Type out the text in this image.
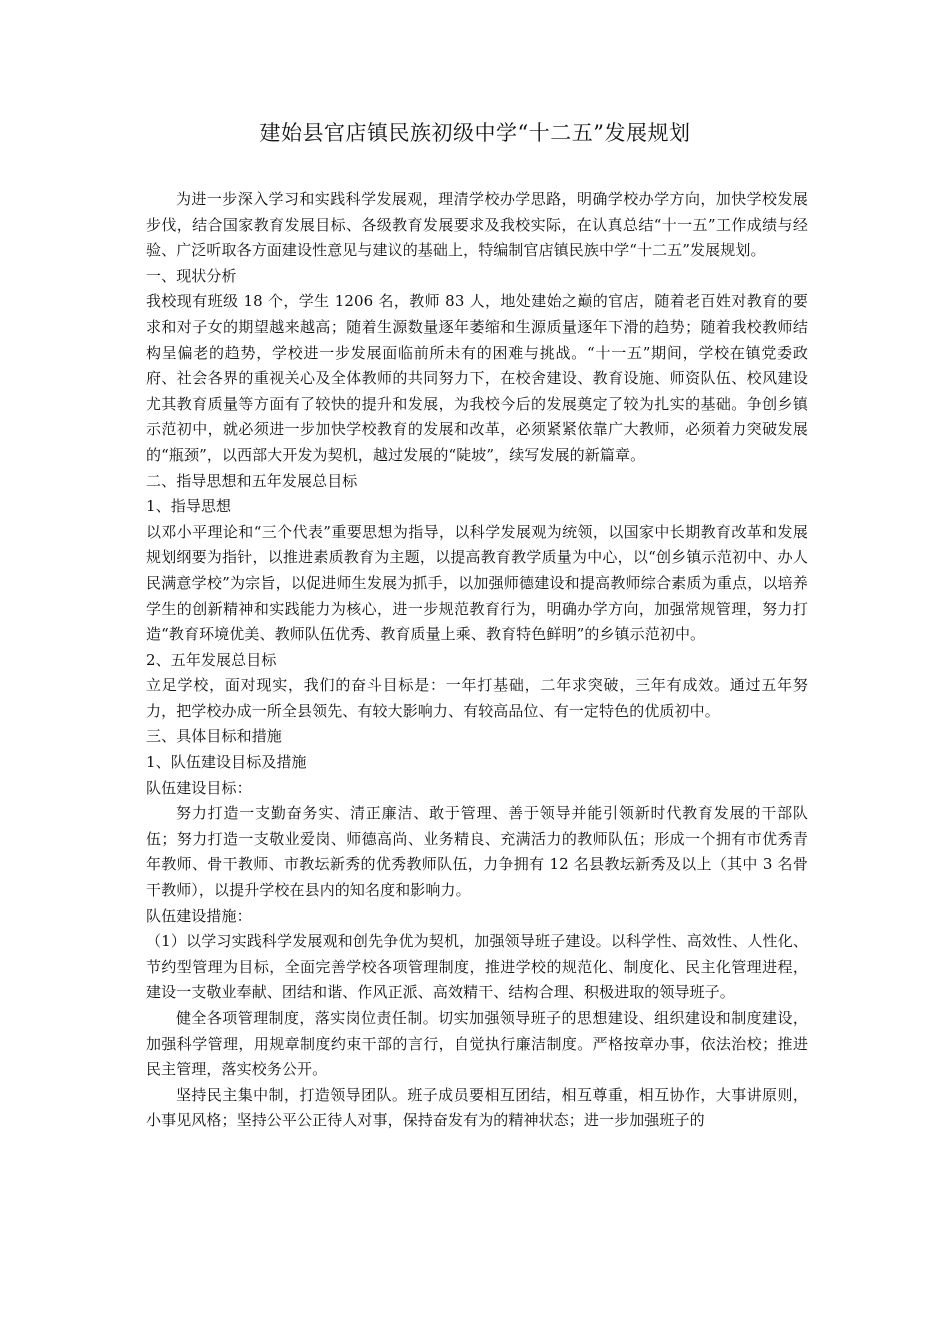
建始县官店镇民族初级中学“十二五”发展规划

为进一步深入学习和实践科学发展观，理清学校办学思路，明确学校办学方向，加快学校发展步伐，结合国家教育发展目标、各级教育发展要求及我校实际，在认真总结“十一五”工作成绩与经验、广泛听取各方面建设性意见与建议的基础上，特编制官店镇民族中学“十二五”发展规划。

一、现状分析

我校现有班级 18 个，学生 1206 名，教师 83 人，地处建始之巅的官店，随着老百姓对教育的要求和对子女的期望越来越高；随着生源数量逐年萎缩和生源质量逐年下滑的趋势；随着我校教师结构呈偏老的趋势，学校进一步发展面临前所未有的困难与挑战。“十一五”期间，学校在镇党委政府、社会各界的重视关心及全体教师的共同努力下，在校舍建设、教育设施、师资队伍、校风建设尤其教育质量等方面有了较快的提升和发展，为我校今后的发展奠定了较为扎实的基础。争创乡镇示范初中，就必须进一步加快学校教育的发展和改革，必须紧紧依靠广大教师，必须着力突破发展的“瓶颈”，以西部大开发为契机，越过发展的“陡坡”，续写发展的新篇章。

二、指导思想和五年发展总目标

1、指导思想

以邓小平理论和“三个代表”重要思想为指导，以科学发展观为统领，以国家中长期教育改革和发展规划纲要为指针，以推进素质教育为主题，以提高教育教学质量为中心，以“创乡镇示范初中、办人民满意学校”为宗旨，以促进师生发展为抓手，以加强师德建设和提高教师综合素质为重点，以培养学生的创新精神和实践能力为核心，进一步规范教育行为，明确办学方向，加强常规管理，努力打造“教育环境优美、教师队伍优秀、教育质量上乘、教育特色鲜明”的乡镇示范初中。

2、五年发展总目标

立足学校，面对现实，我们的奋斗目标是：一年打基础，二年求突破，三年有成效。通过五年努力，把学校办成一所全县领先、有较大影响力、有较高品位、有一定特色的优质初中。

三、具体目标和措施

1、队伍建设目标及措施

队伍建设目标：

努力打造一支勤奋务实、清正廉洁、敢于管理、善于领导并能引领新时代教育发展的干部队伍；努力打造一支敬业爱岗、师德高尚、业务精良、充满活力的教师队伍；形成一个拥有市优秀青年教师、骨干教师、市教坛新秀的优秀教师队伍，力争拥有 12 名县教坛新秀及以上（其中 3 名骨干教师），以提升学校在县内的知名度和影响力。

队伍建设措施：

（1）以学习实践科学发展观和创先争优为契机，加强领导班子建设。以科学性、高效性、人性化、节约型管理为目标，全面完善学校各项管理制度，推进学校的规范化、制度化、民主化管理进程，建设一支敬业奉献、团结和谐、作风正派、高效精干、结构合理、积极进取的领导班子。

健全各项管理制度，落实岗位责任制。切实加强领导班子的思想建设、组织建设和制度建设，加强科学管理，用规章制度约束干部的言行，自觉执行廉洁制度。严格按章办事，依法治校；推进民主管理，落实校务公开。

坚持民主集中制，打造领导团队。班子成员要相互团结，相互尊重，相互协作，大事讲原则，小事见风格；坚持公平公正待人对事，保持奋发有为的精神状态；进一步加强班子的
